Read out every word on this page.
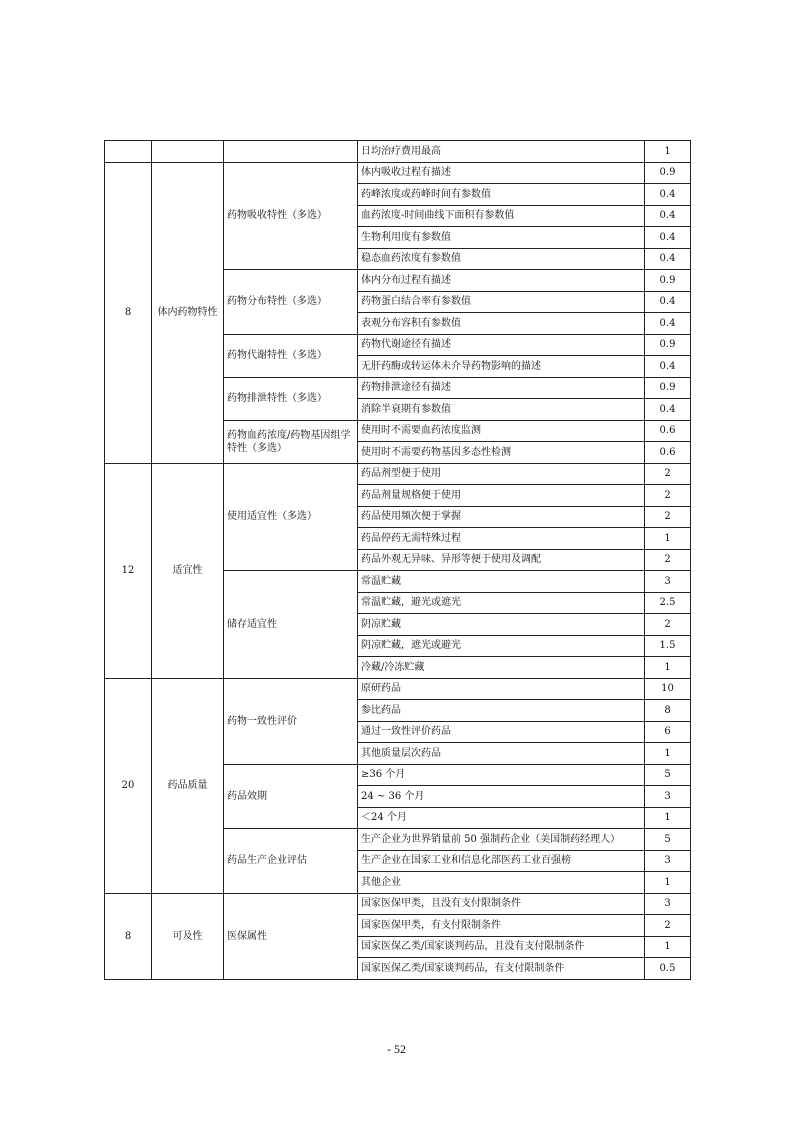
			日均治疗费用最高	1
8	体内药物特性	药物吸收特性（多选）	体内吸收过程有描述	0.9
			药峰浓度或药峰时间有参数值	0.4
			血药浓度-时间曲线下面积有参数值	0.4
			生物利用度有参数值	0.4
			稳态血药浓度有参数值	0.4
		药物分布特性（多选）	体内分布过程有描述	0.9
			药物蛋白结合率有参数值	0.4
			表观分布容积有参数值	0.4
		药物代谢特性（多选）	药物代谢途径有描述	0.9
			无肝药酶或转运体未介导药物影响的描述	0.4
		药物排泄特性（多选）	药物排泄途径有描述	0.9
			消除半衰期有参数值	0.4
		药物血药浓度/药物基因组学特性（多选）	使用时不需要血药浓度监测	0.6
			使用时不需要药物基因多态性检测	0.6
12	适宜性	使用适宜性（多选）	药品剂型便于使用	2
			药品剂量规格便于使用	2
			药品使用频次便于掌握	2
			药品停药无需特殊过程	1
			药品外观无异味、异形等便于使用及调配	2
		储存适宜性	常温贮藏	3
			常温贮藏，避光或遮光	2.5
			阴凉贮藏	2
			阴凉贮藏，遮光或避光	1.5
			冷藏/冷冻贮藏	1
20	药品质量	药物一致性评价	原研药品	10
			参比药品	8
			通过一致性评价药品	6
			其他质量层次药品	1
		药品效期	≥36 个月	5
			24 ~ 36 个月	3
			＜24 个月	1
		药品生产企业评估	生产企业为世界销量前 50 强制药企业（美国制药经理人）	5
			生产企业在国家工业和信息化部医药工业百强榜	3
			其他企业	1
8	可及性	医保属性	国家医保甲类，且没有支付限制条件	3
			国家医保甲类，有支付限制条件	2
			国家医保乙类/国家谈判药品，且没有支付限制条件	1
			国家医保乙类/国家谈判药品，有支付限制条件	0.5
- 52
